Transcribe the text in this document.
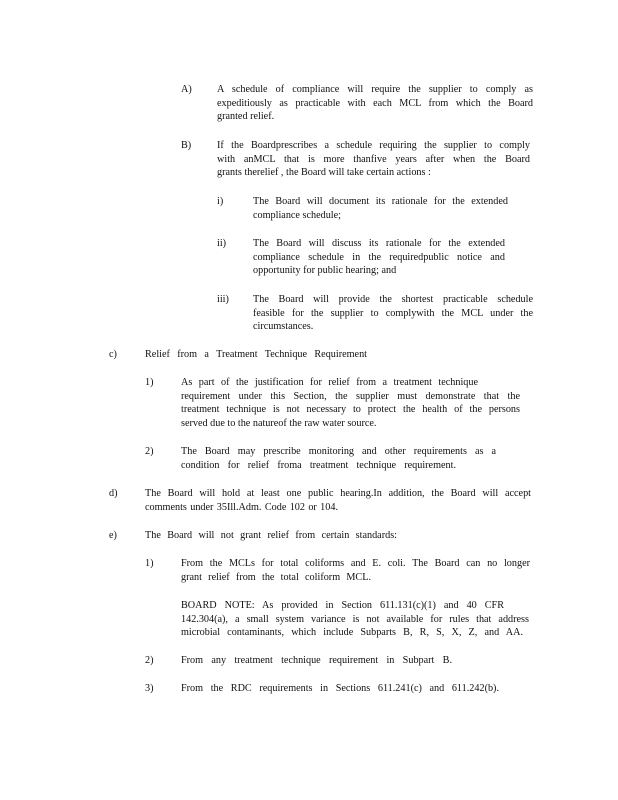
A) A schedule of compliance will require the supplier to comply as
expeditiously as practicable with each MCL from which the Board
granted relief.
B)	If the Boardprescribes a schedule requiring the supplier to comply
with anMCL that is more thanfive years after when the Board
grants therelief , the Board will take certain actions :
i)	The Board will document its rationale for the extended
compliance schedule;
ii)	The Board will discuss its rationale for the extended
compliance schedule in the requiredpublic notice and
opportunity for public hearing; and
iii) The Board will provide the shortest practicable schedule
feasible for the supplier to complywith the MCL under the
circumstances.
c)	Relief from a Treatment Technique Requirement
1)	As part of the justification for relief from a treatment technique
requirement under this Section, the supplier must demonstrate that the
treatment technique is not necessary to protect the health of the persons
served due to the natureof the raw water source.
2)	The Board may prescribe monitoring and other requirements as a
condition for relief froma treatment technique requirement.
d)	The Board will hold at least one public hearing.In addition, the Board will accept
comments under 35Ill.Adm. Code 102 or 104.
e)	The Board will not grant relief from certain standards:
1)	From the MCLs for total coliforms and E. coli. The Board can no longer
grant relief from the total coliform MCL.
BOARD NOTE: As provided in Section 611.131(c)(1) and 40 CFR
142.304(a), a small system variance is not available for rules that address
microbial contaminants, which include Subparts B, R, S, X, Z, and AA.
2)	From any treatment technique requirement in Subpart B.
3)	From the RDC requirements in Sections 611.241(c) and 611.242(b).
